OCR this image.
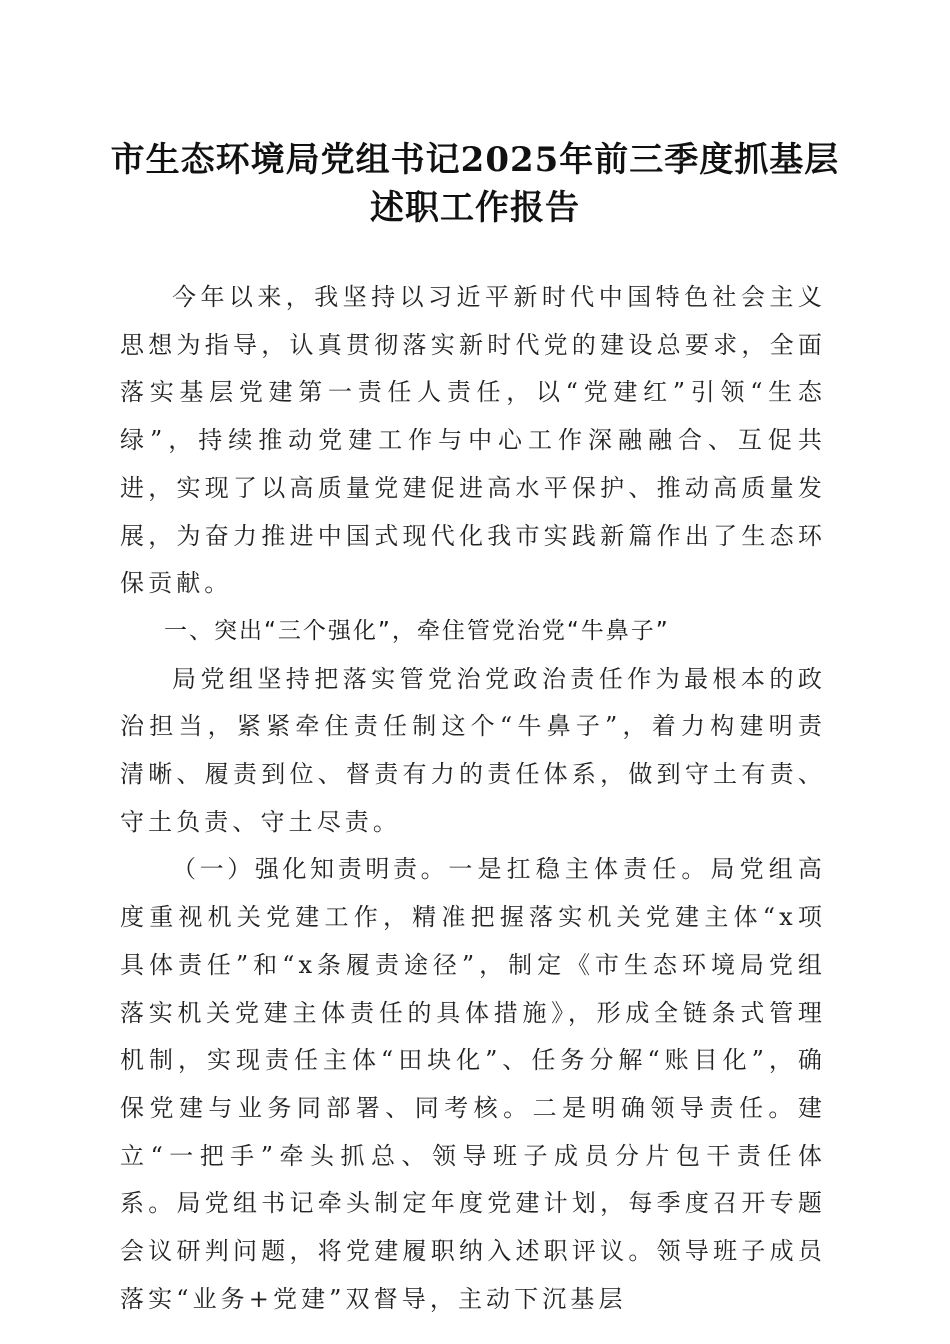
市生态环境局党组书记2025年前三季度抓基层述职工作报告

今年以来，我坚持以习近平新时代中国特色社会主义思想为指导，认真贯彻落实新时代党的建设总要求，全面落实基层党建第一责任人责任，以“党建红”引领“生态绿”，持续推动党建工作与中心工作深融融合、互促共进，实现了以高质量党建促进高水平保护、推动高质量发展，为奋力推进中国式现代化我市实践新篇作出了生态环保贡献。

一、突出“三个强化”，牵住管党治党“牛鼻子”

局党组坚持把落实管党治党政治责任作为最根本的政治担当，紧紧牵住责任制这个“牛鼻子”，着力构建明责清晰、履责到位、督责有力的责任体系，做到守土有责、守土负责、守土尽责。

（一）强化知责明责。一是扛稳主体责任。局党组高度重视机关党建工作，精准把握落实机关党建主体“x项具体责任”和“x条履责途径”，制定《市生态环境局党组落实机关党建主体责任的具体措施》，形成全链条式管理机制，实现责任主体“田块化”、任务分解“账目化”，确保党建与业务同部署、同考核。二是明确领导责任。建立“一把手”牵头抓总、领导班子成员分片包干责任体系。局党组书记牵头制定年度党建计划，每季度召开专题会议研判问题，将党建履职纳入述职评议。领导班子成员落实“业务+党建”双督导，主动下沉基层
